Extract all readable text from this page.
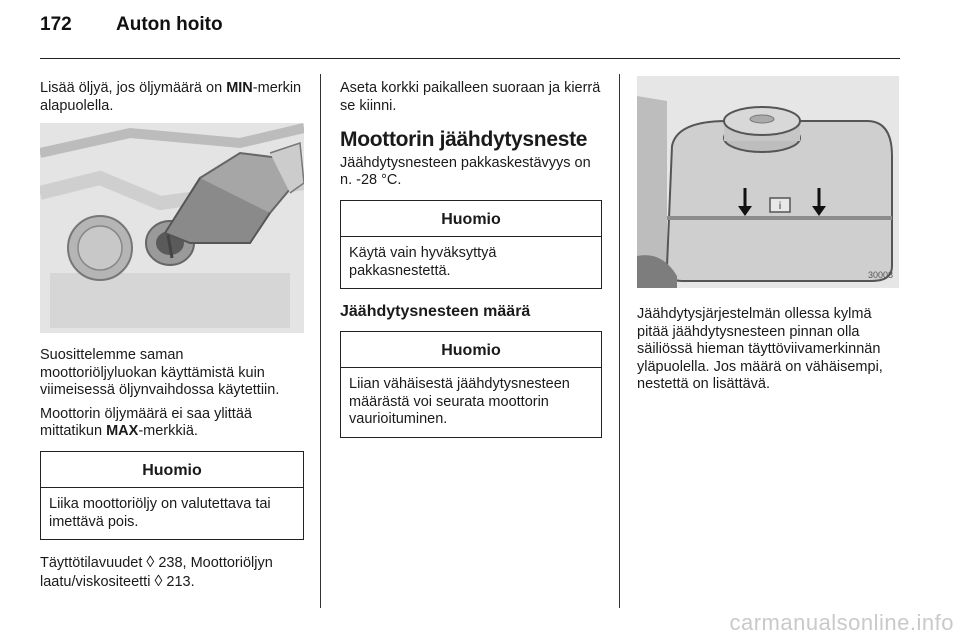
172 Auton hoito

Lisää öljyä, jos öljymäärä on MIN-merkin alapuolella.

Suosittelemme saman moottoriöljyluokan käyttämistä kuin viimeisessä öljynvaihdossa käytettiin.

Moottorin öljymäärä ei saa ylittää mittatikun MAX-merkkiä.

Huomio
Liika moottoriöljy on valutettava tai imettävä pois.

Täyttötilavuudet ◊ 238, Moottoriöljyn laatu/viskositeetti ◊ 213.

Aseta korkki paikalleen suoraan ja kierrä se kiinni.

Moottorin jäähdytysneste

Jäähdytysnesteen pakkaskestävyys on n. -28 °C.

Huomio
Käytä vain hyväksyttyä pakkasnestettä.
Jäähdytysnesteen määrä
Huomio
Liian vähäisestä jäähdytysnesteen määrästä voi seurata moottorin vaurioituminen.
i
30008

Jäähdytysjärjestelmän ollessa kylmä pitää jäähdytysnesteen pinnan olla säiliössä hieman täyttöviivamerkinnän yläpuolella. Jos määrä on vähäisempi, nestettä on lisättävä.

carmanualsonline.info
